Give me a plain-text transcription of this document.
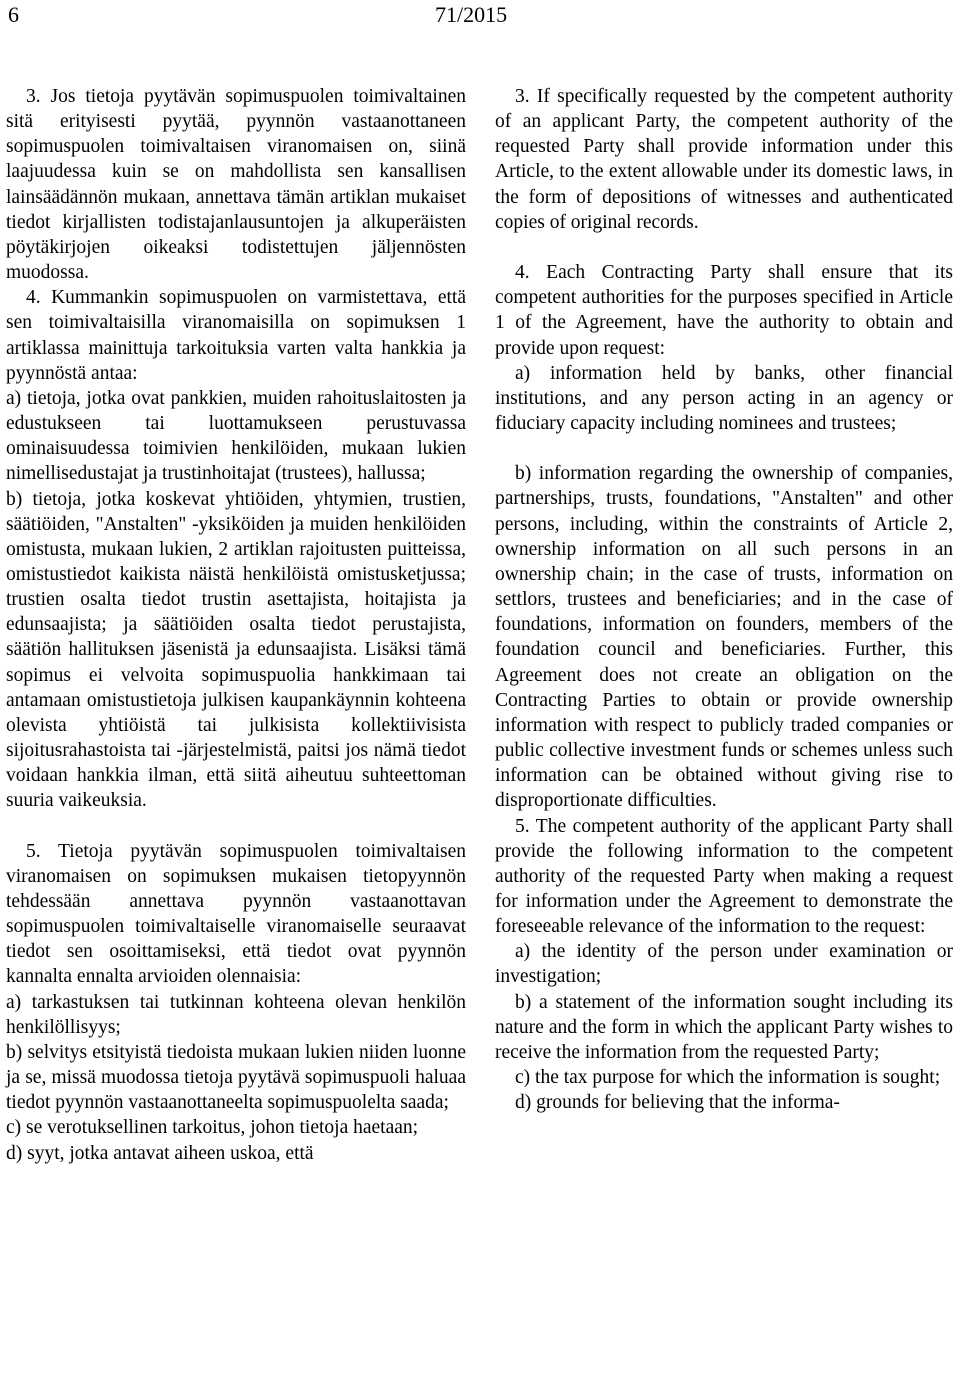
6	71/2015

3. Jos tietoja pyytävän sopimuspuolen toimivaltainen sitä erityisesti pyytää, pyynnön vastaanottaneen sopimuspuolen toimivaltaisen viranomaisen on, siinä laajuudessa kuin se on mahdollista sen kansallisen lainsäädännön mukaan, annettava tämän artiklan mukaiset tiedot kirjallisten todistajanlausuntojen ja alkuperäisten pöytäkirjojen oikeaksi todistettujen jäljennösten muodossa.

4. Kummankin sopimuspuolen on varmistettava, että sen toimivaltaisilla viranomaisilla on sopimuksen 1 artiklassa mainittuja tarkoituksia varten valta hankkia ja pyynnöstä antaa:

a) tietoja, jotka ovat pankkien, muiden rahoituslaitosten ja edustukseen tai luottamukseen perustuvassa ominaisuudessa toimivien henkilöiden, mukaan lukien nimellisedustajat ja trustinhoitajat (trustees), hallussa;

b) tietoja, jotka koskevat yhtiöiden, yhtymien, trustien, säätiöiden, "Anstalten" -yksiköiden ja muiden henkilöiden omistusta, mukaan lukien, 2 artiklan rajoitusten puitteissa, omistustiedot kaikista näistä henkilöistä omistusketjussa; trustien osalta tiedot trustin asettajista, hoitajista ja edunsaajista; ja säätiöiden osalta tiedot perustajista, säätiön hallituksen jäsenistä ja edunsaajista. Lisäksi tämä sopimus ei velvoita sopimuspuolia hankkimaan tai antamaan omistustietoja julkisen kaupankäynnin kohteena olevista yhtiöistä tai julkisista kollektiivisista sijoitusrahastoista tai -järjestelmistä, paitsi jos nämä tiedot voidaan hankkia ilman, että siitä aiheutuu suhteettoman suuria vaikeuksia.

5. Tietoja pyytävän sopimuspuolen toimivaltaisen viranomaisen on sopimuksen mukaisen tietopyynnön tehdessään annettava pyynnön vastaanottavan sopimuspuolen toimivaltaiselle viranomaiselle seuraavat tiedot sen osoittamiseksi, että tiedot ovat pyynnön kannalta ennalta arvioiden olennaisia:

a) tarkastuksen tai tutkinnan kohteena olevan henkilön henkilöllisyys;

b) selvitys etsityistä tiedoista mukaan lukien niiden luonne ja se, missä muodossa tietoja pyytävä sopimuspuoli haluaa tiedot pyynnön vastaanottaneelta sopimuspuolelta saada;

c) se verotuksellinen tarkoitus, johon tietoja haetaan;

d) syyt, jotka antavat aiheen uskoa, että

3. If specifically requested by the competent authority of an applicant Party, the competent authority of the requested Party shall provide information under this Article, to the extent allowable under its domestic laws, in the form of depositions of witnesses and authenticated copies of original records.

4. Each Contracting Party shall ensure that its competent authorities for the purposes specified in Article 1 of the Agreement, have the authority to obtain and provide upon request:

a) information held by banks, other financial institutions, and any person acting in an agency or fiduciary capacity including nominees and trustees;

b) information regarding the ownership of companies, partnerships, trusts, foundations, "Anstalten" and other persons, including, within the constraints of Article 2, ownership information on all such persons in an ownership chain; in the case of trusts, information on settlors, trustees and beneficiaries; and in the case of foundations, information on founders, members of the foundation council and beneficiaries. Further, this Agreement does not create an obligation on the Contracting Parties to obtain or provide ownership information with respect to publicly traded companies or public collective investment funds or schemes unless such information can be obtained without giving rise to disproportionate difficulties.

5. The competent authority of the applicant Party shall provide the following information to the competent authority of the requested Party when making a request for information under the Agreement to demonstrate the foreseeable relevance of the information to the request:

a) the identity of the person under examination or investigation;

b) a statement of the information sought including its nature and the form in which the applicant Party wishes to receive the information from the requested Party;

c) the tax purpose for which the information is sought;

d) grounds for believing that the informa-
